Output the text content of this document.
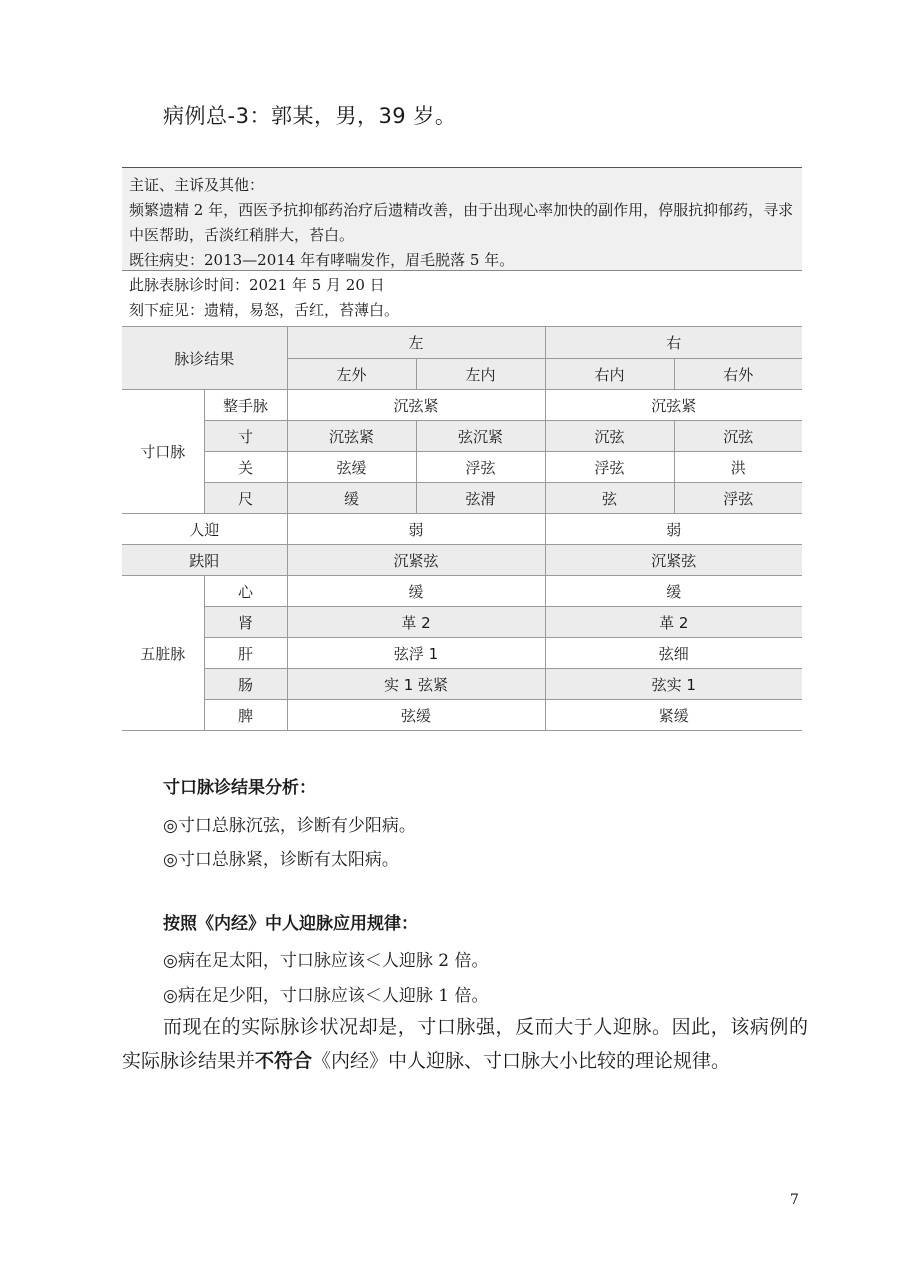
病例总-3：郭某，男，39 岁。
主证、主诉及其他：
频繁遗精 2 年，西医予抗抑郁药治疗后遗精改善，由于出现心率加快的副作用，停服抗抑郁药，寻求中医帮助，舌淡红稍胖大，苔白。
既往病史：2013—2014 年有哮喘发作，眉毛脱落 5 年。
此脉表脉诊时间：2021 年 5 月 20 日
刻下症见：遗精，易怒，舌红，苔薄白。
脉诊结果		左		右	
		左外	左内	右内	右外
寸口脉	整手脉	沉弦紧		沉弦紧	
	寸	沉弦紧	弦沉紧	沉弦	沉弦
	关	弦缓	浮弦	浮弦	洪
	尺	缓	弦滑	弦	浮弦
人迎		弱		弱	
趺阳		沉紧弦		沉紧弦	
五脏脉	心	缓		缓	
	肾	革 2		革 2	
	肝	弦浮 1		弦细	
	肠	实 1 弦紧		弦实 1	
	脾	弦缓		紧缓	
寸口脉诊结果分析：
◎寸口总脉沉弦，诊断有少阳病。
◎寸口总脉紧，诊断有太阳病。
按照《内经》中人迎脉应用规律：
◎病在足太阳，寸口脉应该＜人迎脉 2 倍。
◎病在足少阳，寸口脉应该＜人迎脉 1 倍。
而现在的实际脉诊状况却是，寸口脉强，反而大于人迎脉。因此，该病例的实际脉诊结果并不符合《内经》中人迎脉、寸口脉大小比较的理论规律。
7
